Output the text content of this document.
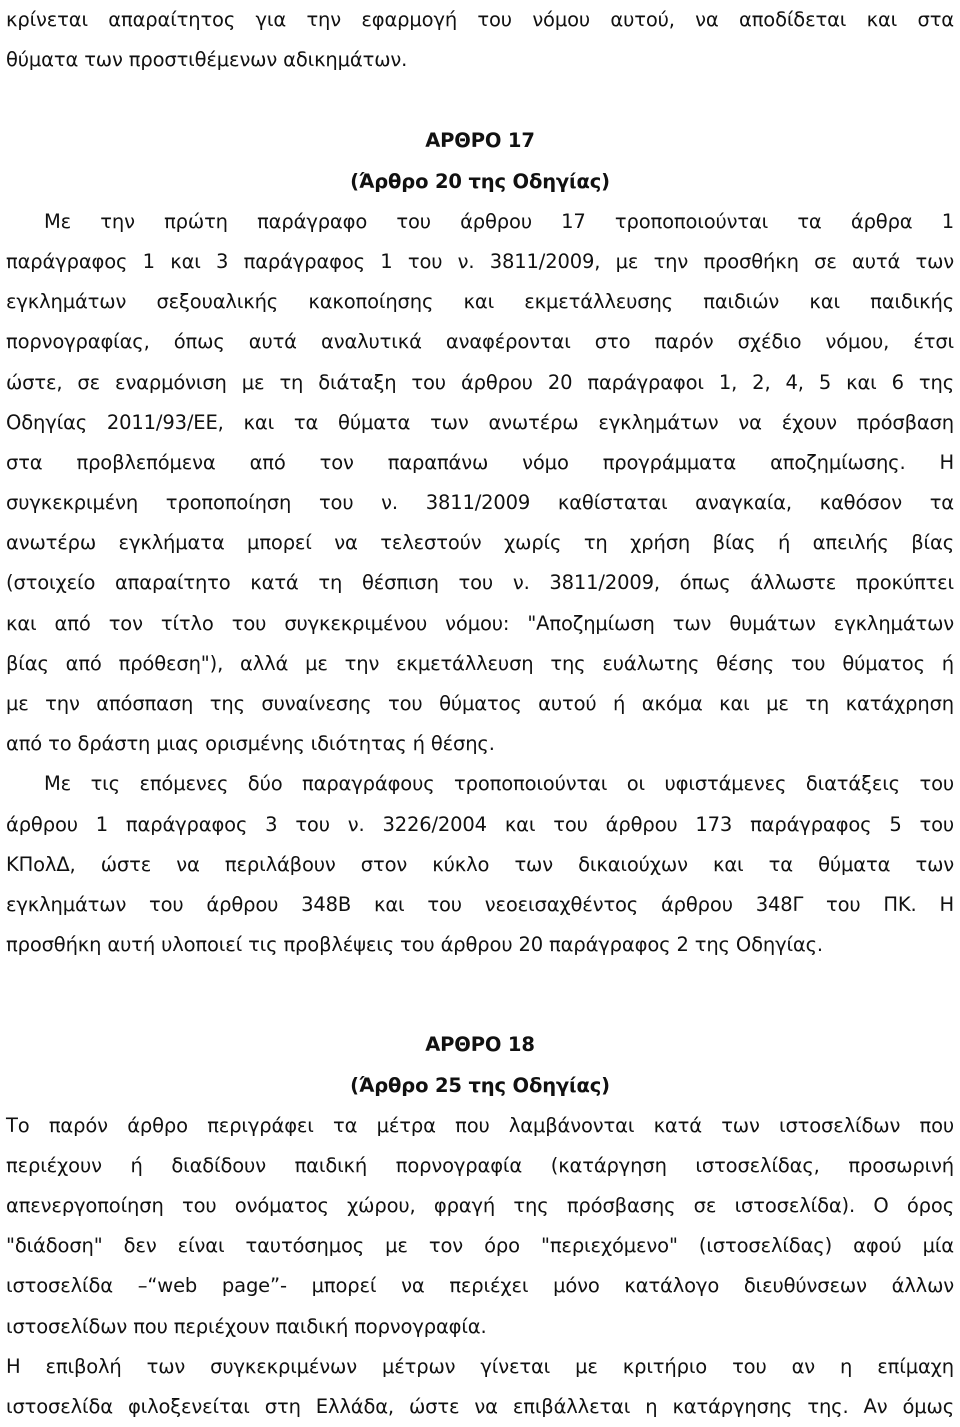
κρίνεται απαραίτητος για την εφαρμογή του νόμου αυτού, να αποδίδεται και στα
θύματα των προστιθέμενων αδικημάτων.
ΑΡΘΡΟ 17
(Άρθρο 20 της Οδηγίας)
Με την πρώτη παράγραφο του άρθρου 17 τροποποιούνται τα άρθρα 1
παράγραφος 1 και 3 παράγραφος 1 του ν. 3811/2009, με την προσθήκη σε αυτά των
εγκλημάτων σεξουαλικής κακοποίησης και εκμετάλλευσης παιδιών και παιδικής
πορνογραφίας, όπως αυτά αναλυτικά αναφέρονται στο παρόν σχέδιο νόμου, έτσι
ώστε, σε εναρμόνιση με τη διάταξη του άρθρου 20 παράγραφοι 1, 2, 4, 5 και 6 της
Οδηγίας 2011/93/ΕΕ, και τα θύματα των ανωτέρω εγκλημάτων να έχουν πρόσβαση
στα προβλεπόμενα από τον παραπάνω νόμο προγράμματα αποζημίωσης. Η
συγκεκριμένη τροποποίηση του ν. 3811/2009 καθίσταται αναγκαία, καθόσον τα
ανωτέρω εγκλήματα μπορεί να τελεστούν χωρίς τη χρήση βίας ή απειλής βίας
(στοιχείο απαραίτητο κατά τη θέσπιση του ν. 3811/2009, όπως άλλωστε προκύπτει
και από τον τίτλο του συγκεκριμένου νόμου: "Αποζημίωση των θυμάτων εγκλημάτων
βίας από πρόθεση"), αλλά με την εκμετάλλευση της ευάλωτης θέσης του θύματος ή
με την απόσπαση της συναίνεσης του θύματος αυτού ή ακόμα και με τη κατάχρηση
από το δράστη μιας ορισμένης ιδιότητας ή θέσης.
Με τις επόμενες δύο παραγράφους τροποποιούνται οι υφιστάμενες διατάξεις του
άρθρου 1 παράγραφος 3 του ν. 3226/2004 και του άρθρου 173 παράγραφος 5 του
ΚΠολΔ, ώστε να περιλάβουν στον κύκλο των δικαιούχων και τα θύματα των
εγκλημάτων του άρθρου 348Β και του νεοεισαχθέντος άρθρου 348Γ του ΠΚ. Η
προσθήκη αυτή υλοποιεί τις προβλέψεις του άρθρου 20 παράγραφος 2 της Οδηγίας.
ΑΡΘΡΟ 18
(Άρθρο 25 της Οδηγίας)
Το παρόν άρθρο περιγράφει τα μέτρα που λαμβάνονται κατά των ιστοσελίδων που
περιέχουν ή διαδίδουν παιδική πορνογραφία (κατάργηση ιστοσελίδας, προσωρινή
απενεργοποίηση του ονόματος χώρου, φραγή της πρόσβασης σε ιστοσελίδα). Ο όρος
"διάδοση" δεν είναι ταυτόσημος με τον όρο "περιεχόμενο" (ιστοσελίδας) αφού μία
ιστοσελίδα –“web page”- μπορεί να περιέχει μόνο κατάλογο διευθύνσεων άλλων
ιστοσελίδων που περιέχουν παιδική πορνογραφία.
Η επιβολή των συγκεκριμένων μέτρων γίνεται με κριτήριο του αν η επίμαχη
ιστοσελίδα φιλοξενείται στη Ελλάδα, ώστε να επιβάλλεται η κατάργησης της. Αν όμως
